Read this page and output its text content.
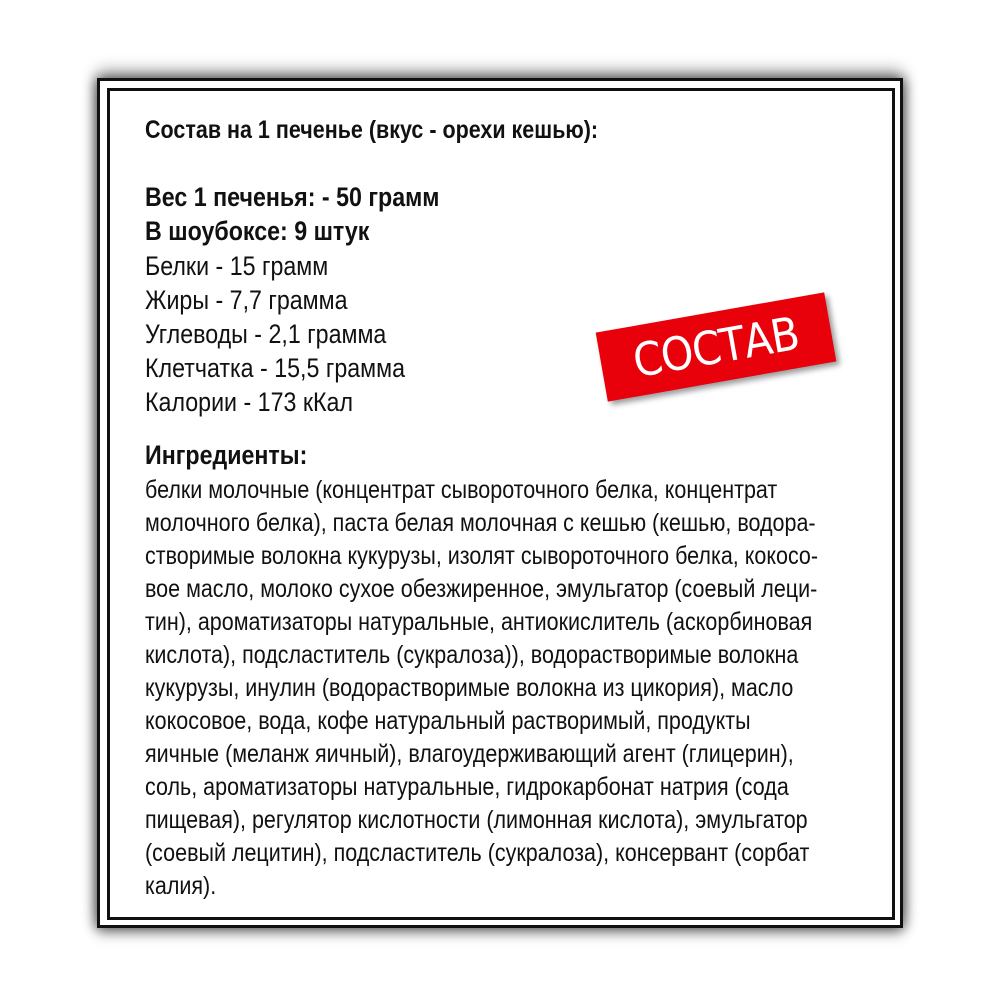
Состав на 1 печенье (вкус - орехи кешью):
Вес 1 печенья: - 50 грамм
В шоубоксе: 9 штук
Белки - 15 грамм
Жиры - 7,7 грамма
Углеводы - 2,1 грамма
Клетчатка - 15,5 грамма
Калории - 173 кКал
СОСТАВ
Ингредиенты:
белки молочные (концентрат сывороточного белка, концентрат
молочного белка), паста белая молочная с кешью (кешью, водора-
створимые волокна кукурузы, изолят сывороточного белка, кокосо-
вое масло, молоко сухое обезжиренное, эмульгатор (соевый леци-
тин), ароматизаторы натуральные, антиокислитель (аскорбиновая
кислота), подсластитель (сукралоза)), водорастворимые волокна
кукурузы, инулин (водорастворимые волокна из цикория), масло
кокосовое, вода, кофе натуральный растворимый, продукты
яичные (меланж яичный), влагоудерживающий агент (глицерин),
соль, ароматизаторы натуральные, гидрокарбонат натрия (сода
пищевая), регулятор кислотности (лимонная кислота), эмульгатор
(соевый лецитин), подсластитель (сукралоза), консервант (сорбат
калия).
